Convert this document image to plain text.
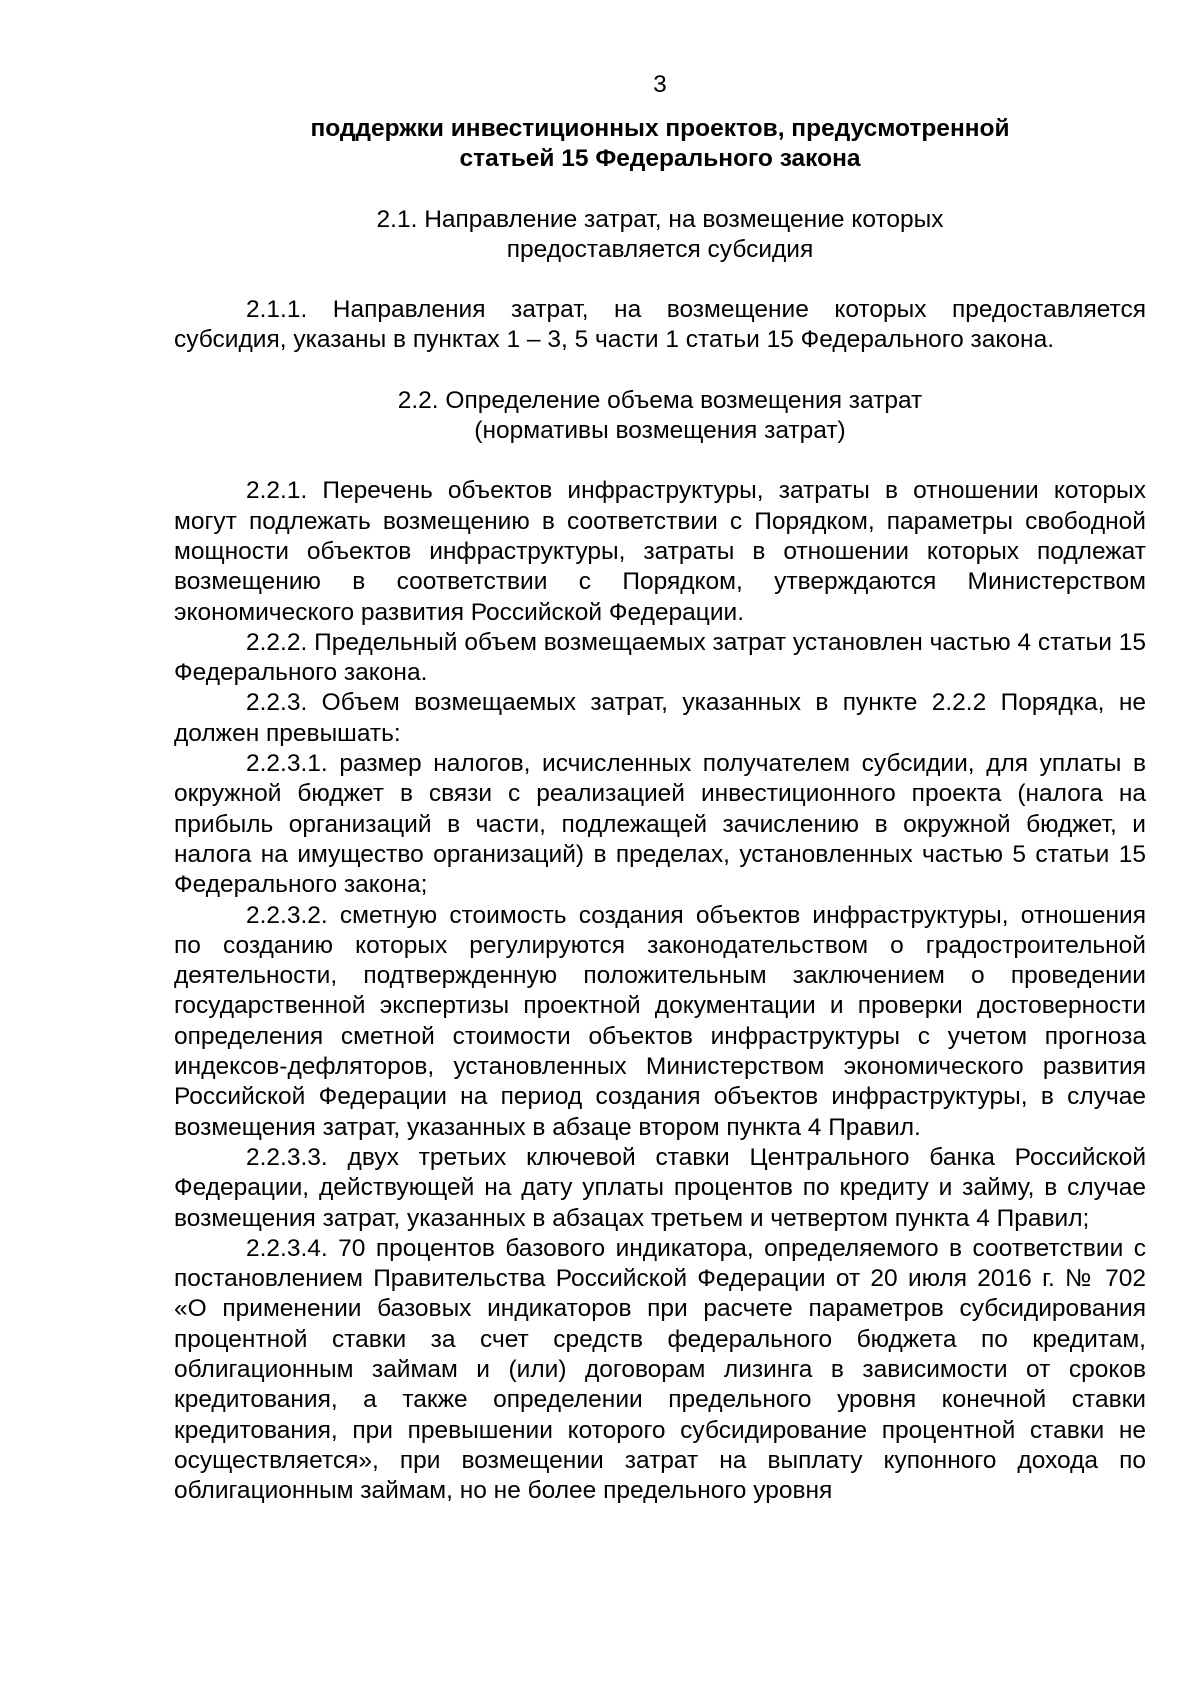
3
поддержки инвестиционных проектов, предусмотренной
статьей 15 Федерального закона
2.1. Направление затрат, на возмещение которых
предоставляется субсидия

2.1.1. Направления затрат, на возмещение которых предоставляется субсидия, указаны в пунктах 1 – 3, 5 части 1 статьи 15 Федерального закона.

2.2. Определение объема возмещения затрат
(нормативы возмещения затрат)

2.2.1. Перечень объектов инфраструктуры, затраты в отношении которых могут подлежать возмещению в соответствии с Порядком, параметры свободной мощности объектов инфраструктуры, затраты в отношении которых подлежат возмещению в соответствии с Порядком, утверждаются Министерством экономического развития Российской Федерации.

2.2.2. Предельный объем возмещаемых затрат установлен частью 4 статьи 15 Федерального закона.

2.2.3. Объем возмещаемых затрат, указанных в пункте 2.2.2 Порядка, не должен превышать:

2.2.3.1. размер налогов, исчисленных получателем субсидии, для уплаты в окружной бюджет в связи с реализацией инвестиционного проекта (налога на прибыль организаций в части, подлежащей зачислению в окружной бюджет, и налога на имущество организаций) в пределах, установленных частью 5 статьи 15 Федерального закона;

2.2.3.2. сметную стоимость создания объектов инфраструктуры, отношения по созданию которых регулируются законодательством о градостроительной деятельности, подтвержденную положительным заключением о проведении государственной экспертизы проектной документации и проверки достоверности определения сметной стоимости объектов инфраструктуры с учетом прогноза индексов-дефляторов, установленных Министерством экономического развития Российской Федерации на период создания объектов инфраструктуры, в случае возмещения затрат, указанных в абзаце втором пункта 4 Правил.

2.2.3.3. двух третьих ключевой ставки Центрального банка Российской Федерации, действующей на дату уплаты процентов по кредиту и займу, в случае возмещения затрат, указанных в абзацах третьем и четвертом пункта 4 Правил;

2.2.3.4. 70 процентов базового индикатора, определяемого в соответствии с постановлением Правительства Российской Федерации от 20 июля 2016 г. № 702 «О применении базовых индикаторов при расчете параметров субсидирования процентной ставки за счет средств федерального бюджета по кредитам, облигационным займам и (или) договорам лизинга в зависимости от сроков кредитования, а также определении предельного уровня конечной ставки кредитования, при превышении которого субсидирование процентной ставки не осуществляется», при возмещении затрат на выплату купонного дохода по облигационным займам, но не более предельного уровня
